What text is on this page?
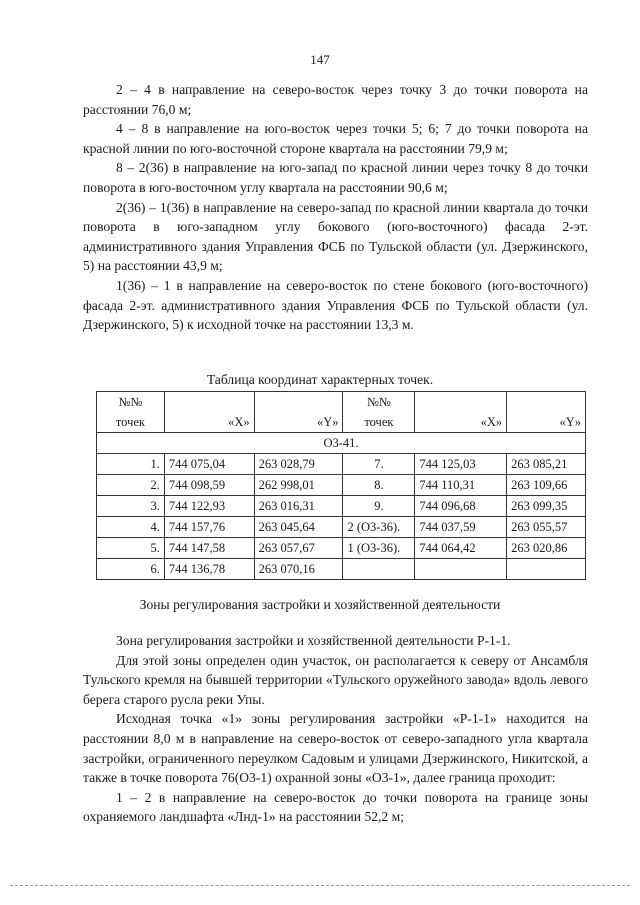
147

2 – 4 в направление на северо-восток через точку 3 до точки поворота на расстоянии 76,0 м;

4 – 8 в направление на юго-восток через точки 5; 6; 7 до точки поворота на красной линии по юго-восточной стороне квартала на расстоянии 79,9 м;

8 – 2(36) в направление на юго-запад по красной линии через точку 8 до точки поворота в юго-восточном углу квартала на расстоянии 90,6 м;

2(36) – 1(36) в направление на северо-запад по красной линии квартала до точки поворота в юго-западном углу бокового (юго-восточного) фасада 2-эт. административного здания Управления ФСБ по Тульской области (ул. Дзержинского, 5) на расстоянии 43,9 м;

1(36) – 1 в направление на северо-восток по стене бокового (юго-восточного) фасада 2-эт. административного здания Управления ФСБ по Тульской области (ул. Дзержинского, 5) к исходной точке на расстоянии 13,3 м.

Таблица координат характерных точек.
№№			№№		
точек	«X»	«Y»	точек	«X»	«Y»
О3-41.					
1.	744 075,04	263 028,79	7.	744 125,03	263 085,21
2.	744 098,59	262 998,01	8.	744 110,31	263 109,66
3.	744 122,93	263 016,31	9.	744 096,68	263 099,35
4.	744 157,76	263 045,64	2 (О3-36).	744 037,59	263 055,57
5.	744 147,58	263 057,67	1 (О3-36).	744 064,42	263 020,86
6.	744 136,78	263 070,16			
Зоны регулирования застройки и хозяйственной деятельности

Зона регулирования застройки и хозяйственной деятельности Р-1-1.

Для этой зоны определен один участок, он располагается к северу от Ансамбля Тульского кремля на бывшей территории «Тульского оружейного завода» вдоль левого берега старого русла реки Упы.

Исходная точка «1» зоны регулирования застройки «Р-1-1» находится на расстоянии 8,0 м в направление на северо-восток от северо-западного угла квартала застройки, ограниченного переулком Садовым и улицами Дзержинского, Никитской, а также в точке поворота 76(О3-1) охранной зоны «О3-1», далее граница проходит:

1 – 2 в направление на северо-восток до точки поворота на границе зоны охраняемого ландшафта «Лнд-1» на расстоянии 52,2 м;
